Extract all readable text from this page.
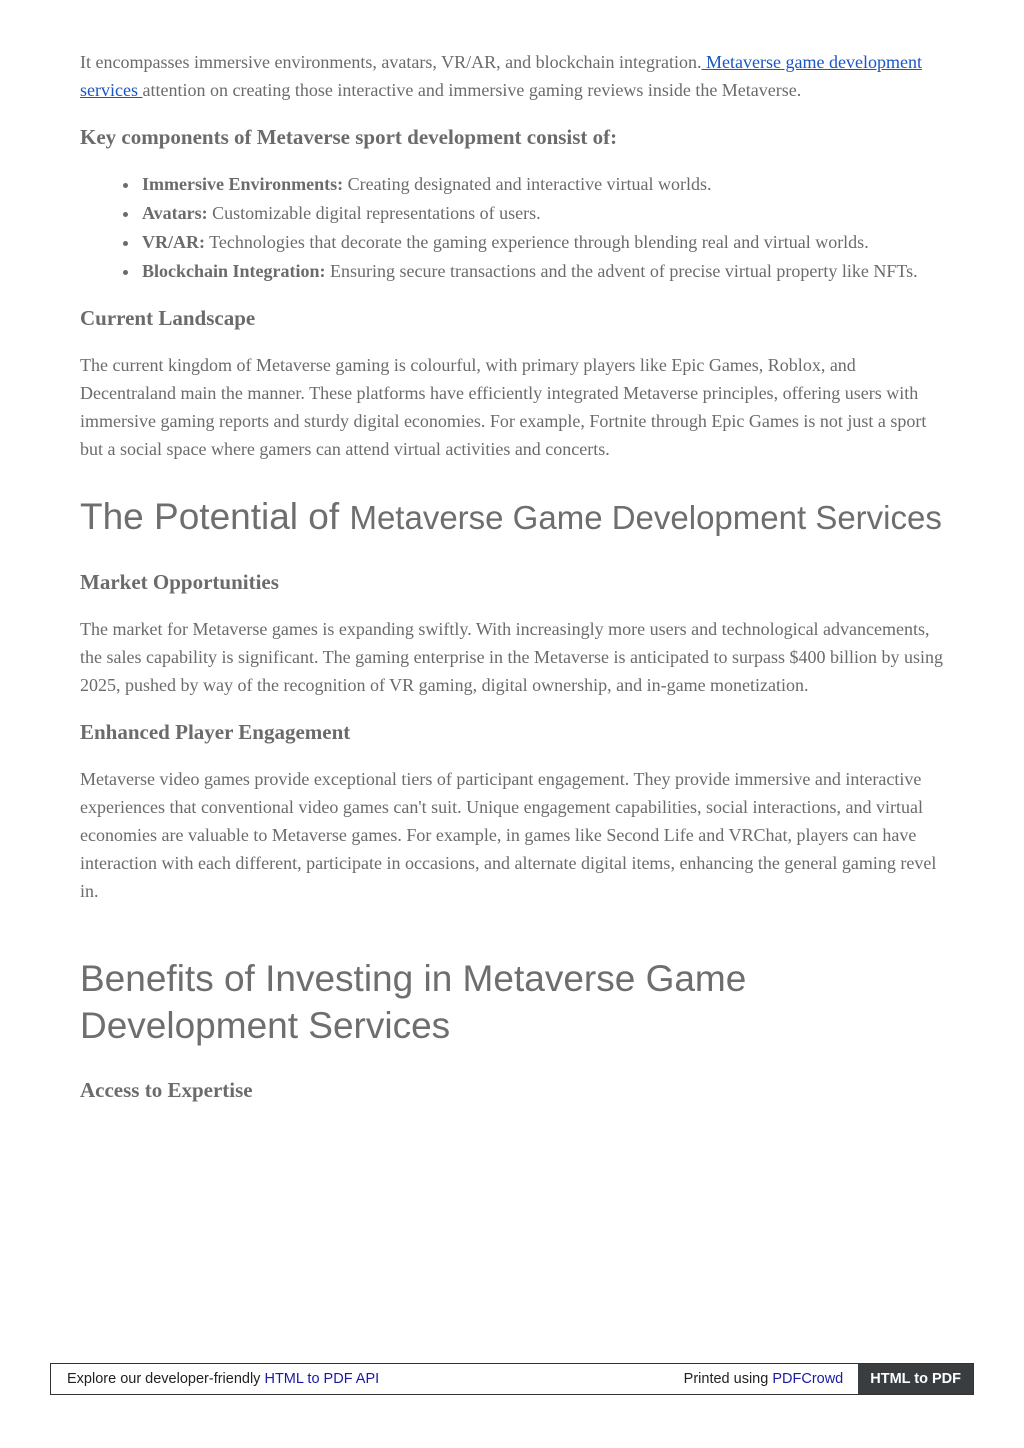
It encompasses immersive environments, avatars, VR/AR, and blockchain integration. Metaverse game development services attention on creating those interactive and immersive gaming reviews inside the Metaverse.

Key components of Metaverse sport development consist of:
• Immersive Environments: Creating designated and interactive virtual worlds.
• Avatars: Customizable digital representations of users.
• VR/AR: Technologies that decorate the gaming experience through blending real and virtual worlds.
• Blockchain Integration: Ensuring secure transactions and the advent of precise virtual property like NFTs.
Current Landscape

The current kingdom of Metaverse gaming is colourful, with primary players like Epic Games, Roblox, and Decentraland main the manner. These platforms have efficiently integrated Metaverse principles, offering users with immersive gaming reports and sturdy digital economies. For example, Fortnite through Epic Games is not just a sport but a social space where gamers can attend virtual activities and concerts.

The Potential of Metaverse Game Development Services
Market Opportunities

The market for Metaverse games is expanding swiftly. With increasingly more users and technological advancements, the sales capability is significant. The gaming enterprise in the Metaverse is anticipated to surpass $400 billion by using 2025, pushed by way of the recognition of VR gaming, digital ownership, and in-game monetization.

Enhanced Player Engagement

Metaverse video games provide exceptional tiers of participant engagement. They provide immersive and interactive experiences that conventional video games can't suit. Unique engagement capabilities, social interactions, and virtual economies are valuable to Metaverse games. For example, in games like Second Life and VRChat, players can have interaction with each different, participate in occasions, and alternate digital items, enhancing the general gaming revel in.

Benefits of Investing in Metaverse Game Development Services
Access to Expertise
Explore our developer-friendly HTML to PDF API	Printed using PDFCrowd	HTML to PDF
